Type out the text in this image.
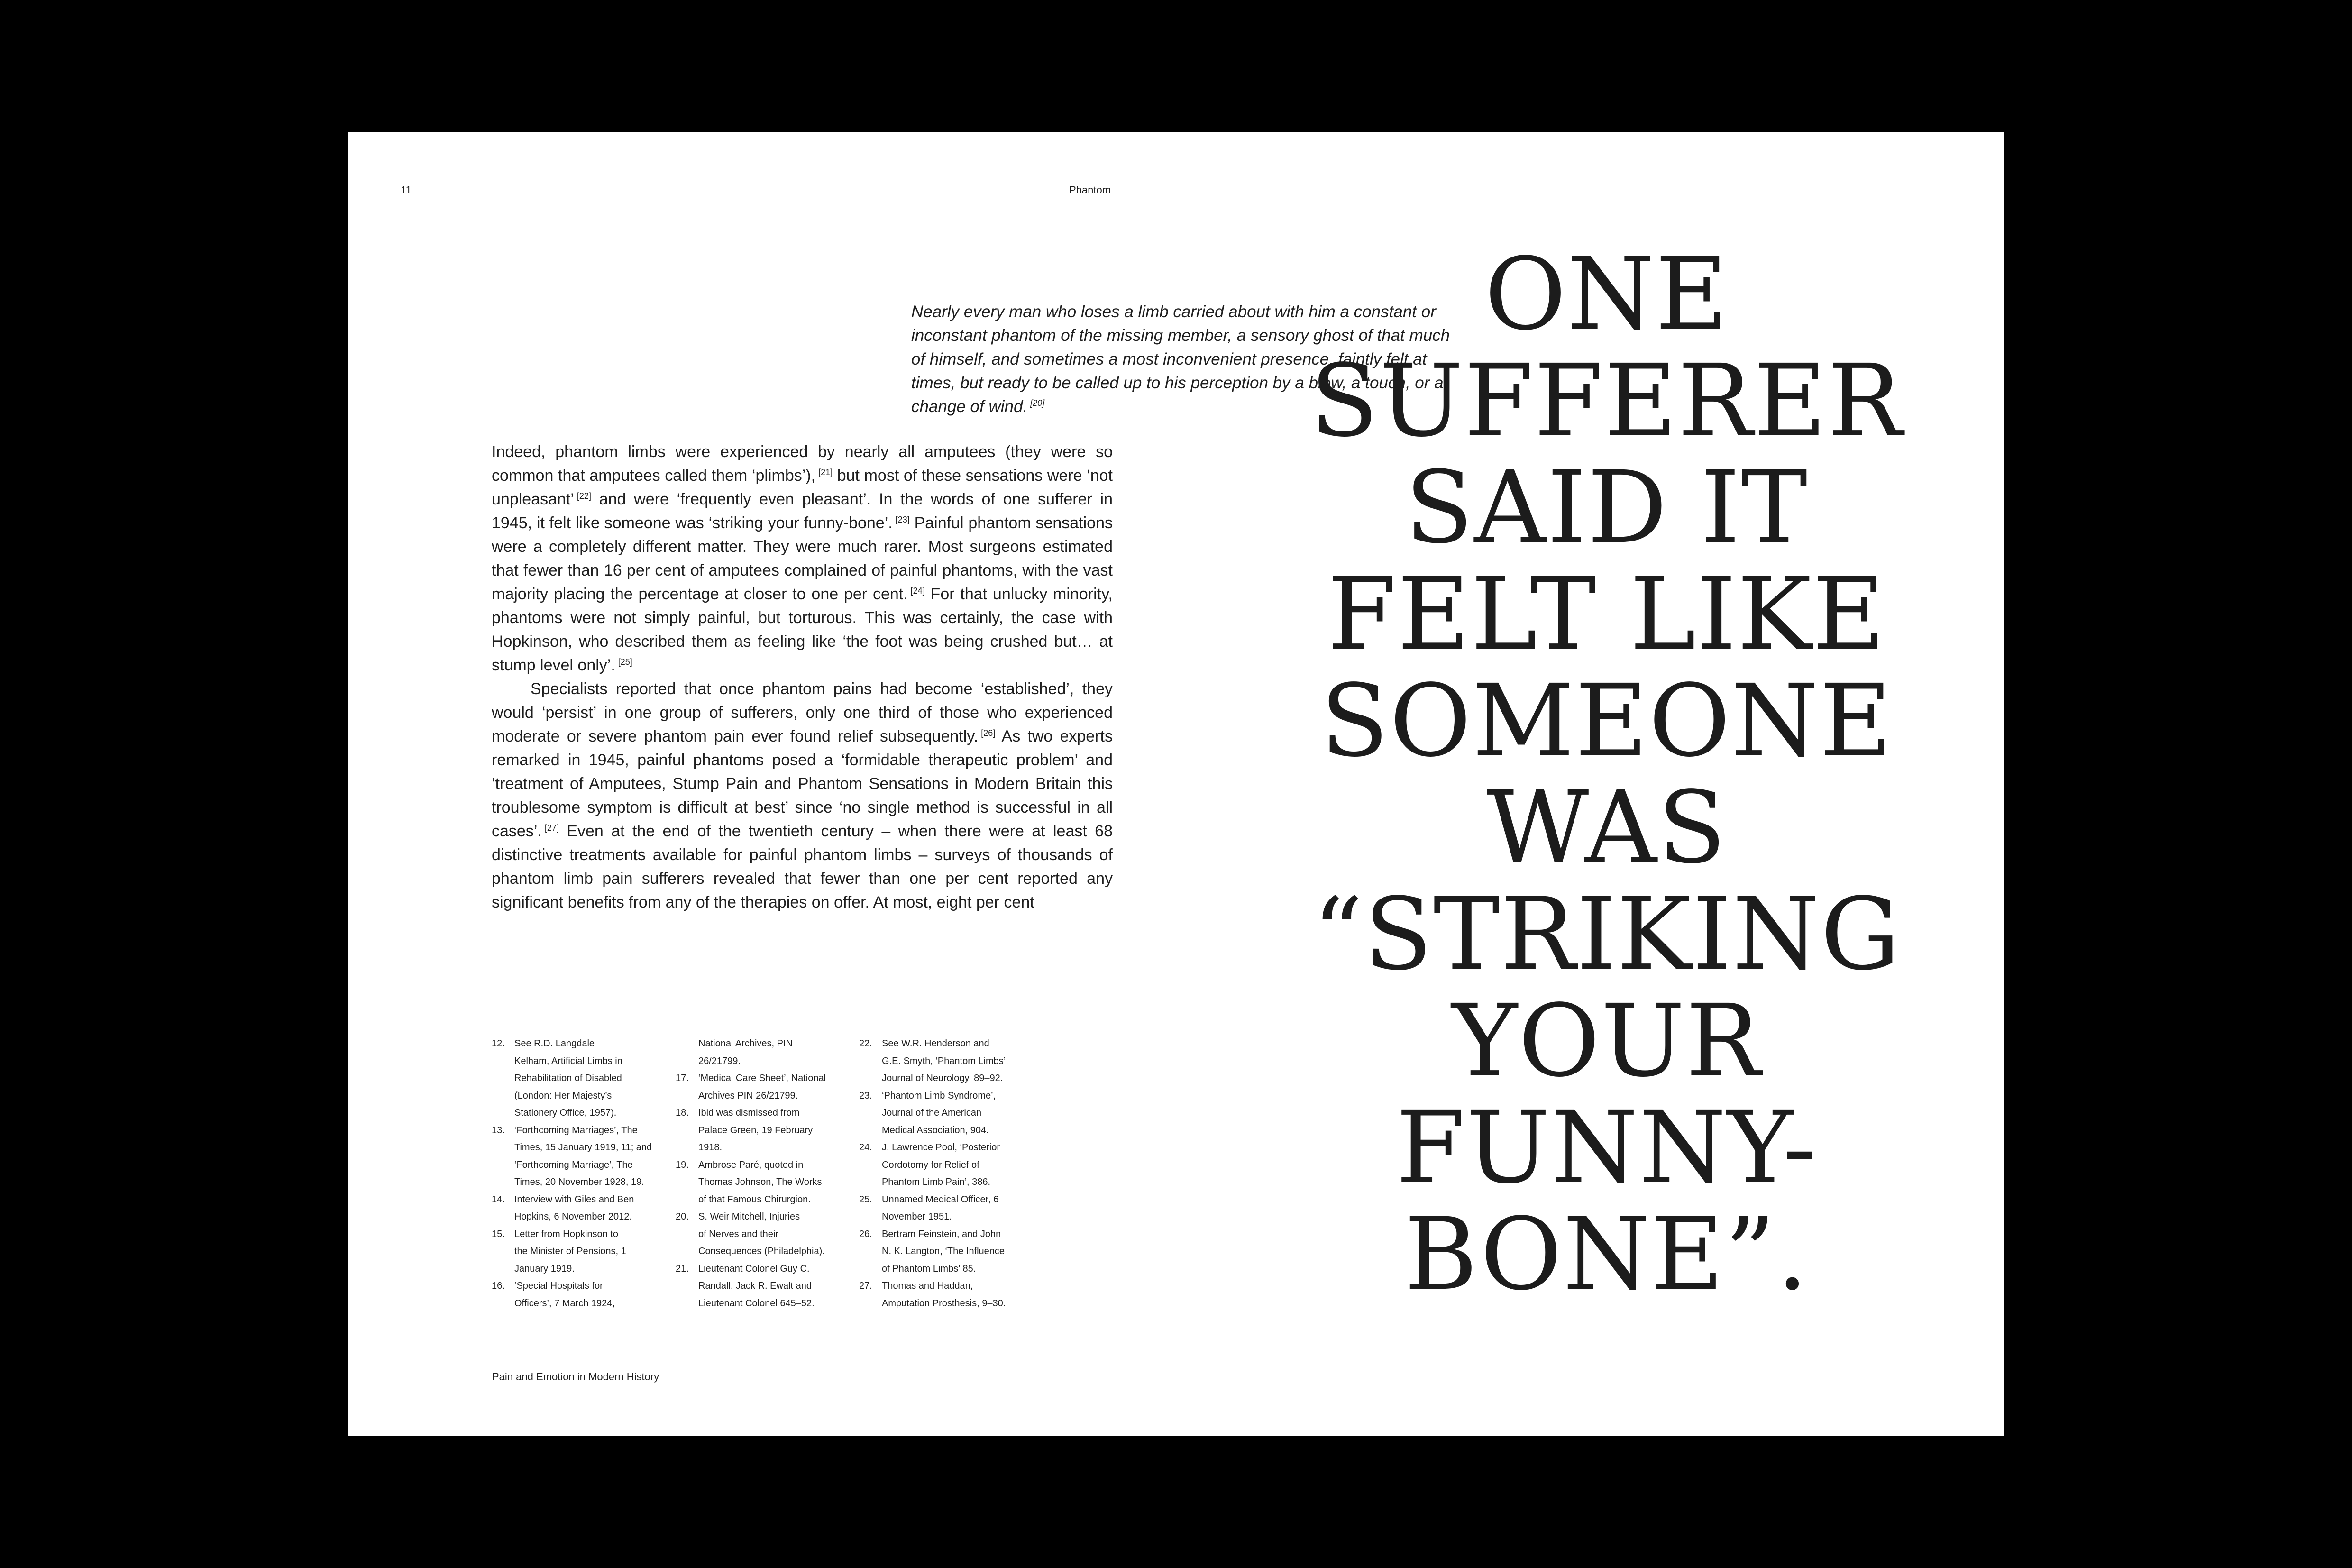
11	Phantom
Nearly every man who loses a limb carried about with him a constant or inconstant phantom of the missing member, a sensory ghost of that much of himself, and sometimes a most inconvenient presence, faintly felt at times, but ready to be called up to his perception by a blow, a touch, or a change of wind. [20]

Indeed, phantom limbs were experienced by nearly all amputees (they were so common that amputees called them ‘plimbs’), [21] but most of these sensations were ‘not unpleasant’ [22] and were ‘frequently even pleasant’. In the words of one sufferer in 1945, it felt like someone was ‘striking your funny-bone’. [23] Painful phantom sensations were a completely different matter. They were much rarer. Most surgeons estimated that fewer than 16 per cent of amputees complained of painful phantoms, with the vast majority placing the percentage at closer to one per cent. [24] For that unlucky minority, phantoms were not simply painful, but torturous. This was certainly, the case with Hopkinson, who described them as feeling like ‘the foot was being crushed but… at stump level only’. [25]

Specialists reported that once phantom pains had become ‘established’, they would ‘persist’ in one group of sufferers, only one third of those who experienced moderate or severe phantom pain ever found relief subsequently. [26] As two experts remarked in 1945, painful phantoms posed a ‘formidable therapeutic problem’ and ‘treatment of Amputees, Stump Pain and Phantom Sensations in Modern Britain this troublesome symptom is difficult at best’ since ‘no single method is successful in all cases’. [27] Even at the end of the twentieth century – when there were at least 68 distinctive treatments available for painful phantom limbs – surveys of thousands of phantom limb pain sufferers revealed that fewer than one per cent reported any significant benefits from any of the therapies on offer. At most, eight per cent

12.	See R.D. Langdale
Kelham, Artificial Limbs in
Rehabilitation of Disabled
(London: Her Majesty’s
Stationery Office, 1957).
13.	‘Forthcoming Marriages’, The
Times, 15 January 1919, 11; and
‘Forthcoming Marriage’, The
Times, 20 November 1928, 19.
14.	Interview with Giles and Ben
Hopkins, 6 November 2012.
15.	Letter from Hopkinson to
the Minister of Pensions, 1
January 1919.
16.	‘Special Hospitals for
Officers’, 7 March 1924,
National Archives, PIN
26/21799.
17.	‘Medical Care Sheet’, National
Archives PIN 26/21799.
18.	Ibid was dismissed from
Palace Green, 19 February
1918.
19.	Ambrose Paré, quoted in
Thomas Johnson, The Works
of that Famous Chirurgion.
20.	S. Weir Mitchell, Injuries
of Nerves and their
Consequences (Philadelphia).
21.	Lieutenant Colonel Guy C.
Randall, Jack R. Ewalt and
Lieutenant Colonel 645–52.
22.	See W.R. Henderson and
G.E. Smyth, ‘Phantom Limbs’,
Journal of Neurology, 89–92.
23.	‘Phantom Limb Syndrome’,
Journal of the American
Medical Association, 904.
24.	J. Lawrence Pool, ‘Posterior
Cordotomy for Relief of
Phantom Limb Pain’, 386.
25.	Unnamed Medical Officer, 6
November 1951.
26.	Bertram Feinstein, and John
N. K. Langton, ‘The Influence
of Phantom Limbs’ 85.
27.	Thomas and Haddan,
Amputation Prosthesis, 9–30.
Pain and Emotion in Modern History
ONE
SUFFERER
SAID IT
FELT LIKE
SOMEONE
WAS
“STRIKING
YOUR
FUNNY-
BONE”.
